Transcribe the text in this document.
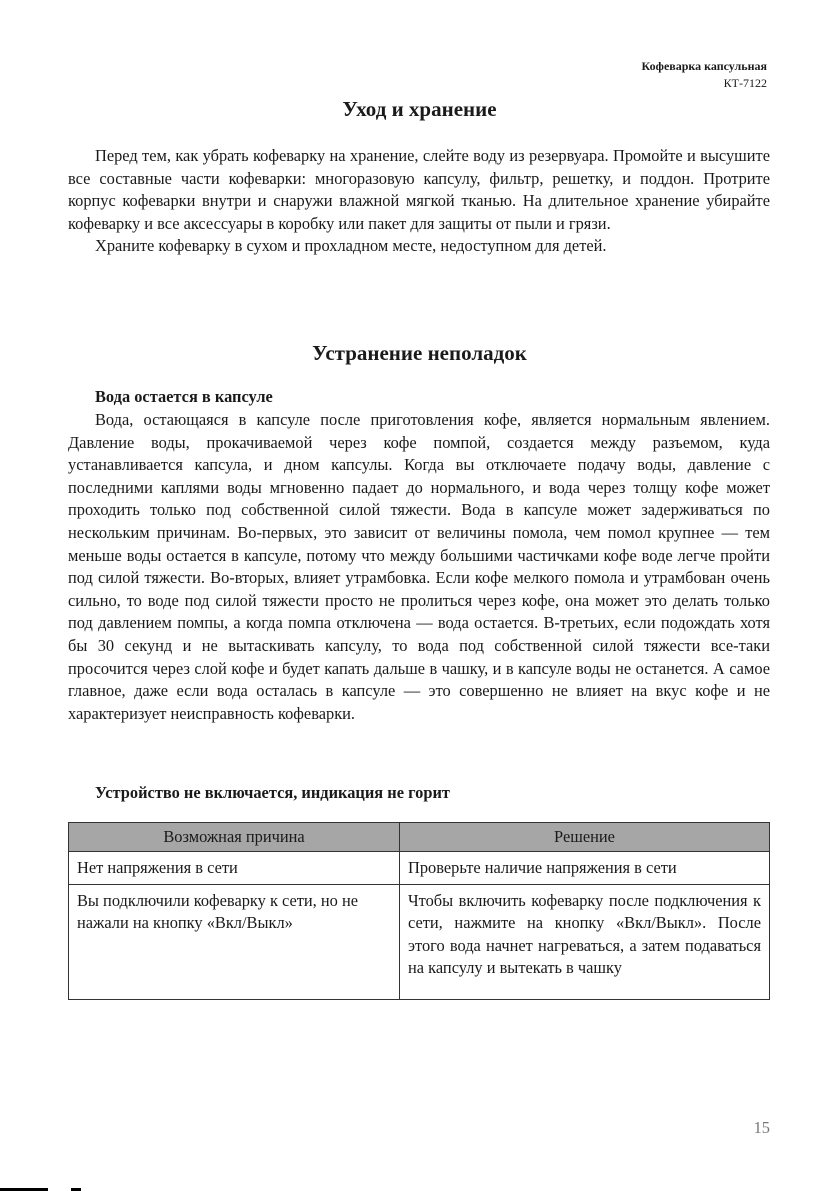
Кофеварка капсульная
КТ-7122
Уход и хранение

Перед тем, как убрать кофеварку на хранение, слейте воду из резервуара. Промойте и высушите все составные части кофеварки: многоразовую капсулу, фильтр, решетку, и поддон. Протрите корпус кофеварки внутри и снаружи влажной мягкой тканью. На длительное хранение убирайте кофеварку и все аксессуары в коробку или пакет для защиты от пыли и грязи.

Храните кофеварку в сухом и прохладном месте, недоступном для детей.

Устранение неполадок
Вода остается в капсуле

Вода, остающаяся в капсуле после приготовления кофе, является нормальным явлением. Давление воды, прокачиваемой через кофе помпой, создается между разъемом, куда устанавливается капсула, и дном капсулы. Когда вы отключаете подачу воды, давление с последними каплями воды мгновенно падает до нормального, и вода через толщу кофе может проходить только под собственной силой тяжести. Вода в капсуле может задерживаться по нескольким причинам. Во-первых, это зависит от величины помола, чем помол крупнее — тем меньше воды остается в капсуле, потому что между большими частичками кофе воде легче пройти под силой тяжести. Во-вторых, влияет утрамбовка. Если кофе мелкого помола и утрамбован очень сильно, то воде под силой тяжести просто не пролиться через кофе, она может это делать только под давлением помпы, а когда помпа отключена — вода остается. В-третьих, если подождать хотя бы 30 секунд и не вытаскивать капсулу, то вода под собственной силой тяжести все-таки просочится через слой кофе и будет капать дальше в чашку, и в капсуле воды не останется. А самое главное, даже если вода осталась в капсуле — это совершенно не влияет на вкус кофе и не характеризует неисправность кофеварки.

Устройство не включается, индикация не горит
Возможная причина	Решение
Нет напряжения в сети	Проверьте наличие напряжения в сети
Вы подключили кофеварку к сети, но не нажали на кнопку «Вкл/Выкл»	Чтобы включить кофеварку после подключения к сети, нажмите на кнопку «Вкл/Выкл». После этого вода начнет нагреваться, а затем подаваться на капсулу и вытекать в чашку
15
